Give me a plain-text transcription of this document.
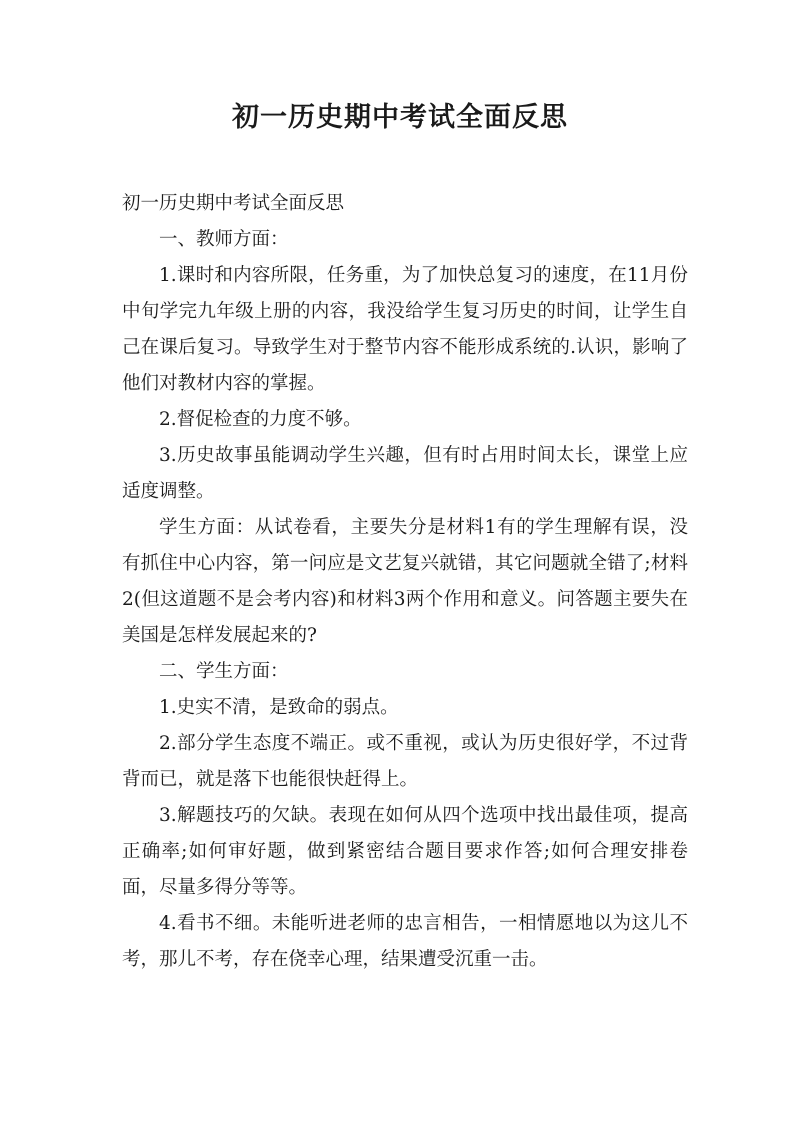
初一历史期中考试全面反思

初一历史期中考试全面反思

一、教师方面：

1.课时和内容所限，任务重，为了加快总复习的速度，在11月份中旬学完九年级上册的内容，我没给学生复习历史的时间，让学生自己在课后复习。导致学生对于整节内容不能形成系统的.认识，影响了他们对教材内容的掌握。

2.督促检查的力度不够。

3.历史故事虽能调动学生兴趣，但有时占用时间太长，课堂上应适度调整。

学生方面：从试卷看，主要失分是材料1有的学生理解有误，没有抓住中心内容，第一问应是文艺复兴就错，其它问题就全错了;材料2(但这道题不是会考内容)和材料3两个作用和意义。问答题主要失在美国是怎样发展起来的?

二、学生方面：

1.史实不清，是致命的弱点。

2.部分学生态度不端正。或不重视，或认为历史很好学，不过背背而已，就是落下也能很快赶得上。

3.解题技巧的欠缺。表现在如何从四个选项中找出最佳项，提高正确率;如何审好题，做到紧密结合题目要求作答;如何合理安排卷面，尽量多得分等等。

4.看书不细。未能听进老师的忠言相告，一相情愿地以为这儿不考，那儿不考，存在侥幸心理，结果遭受沉重一击。
